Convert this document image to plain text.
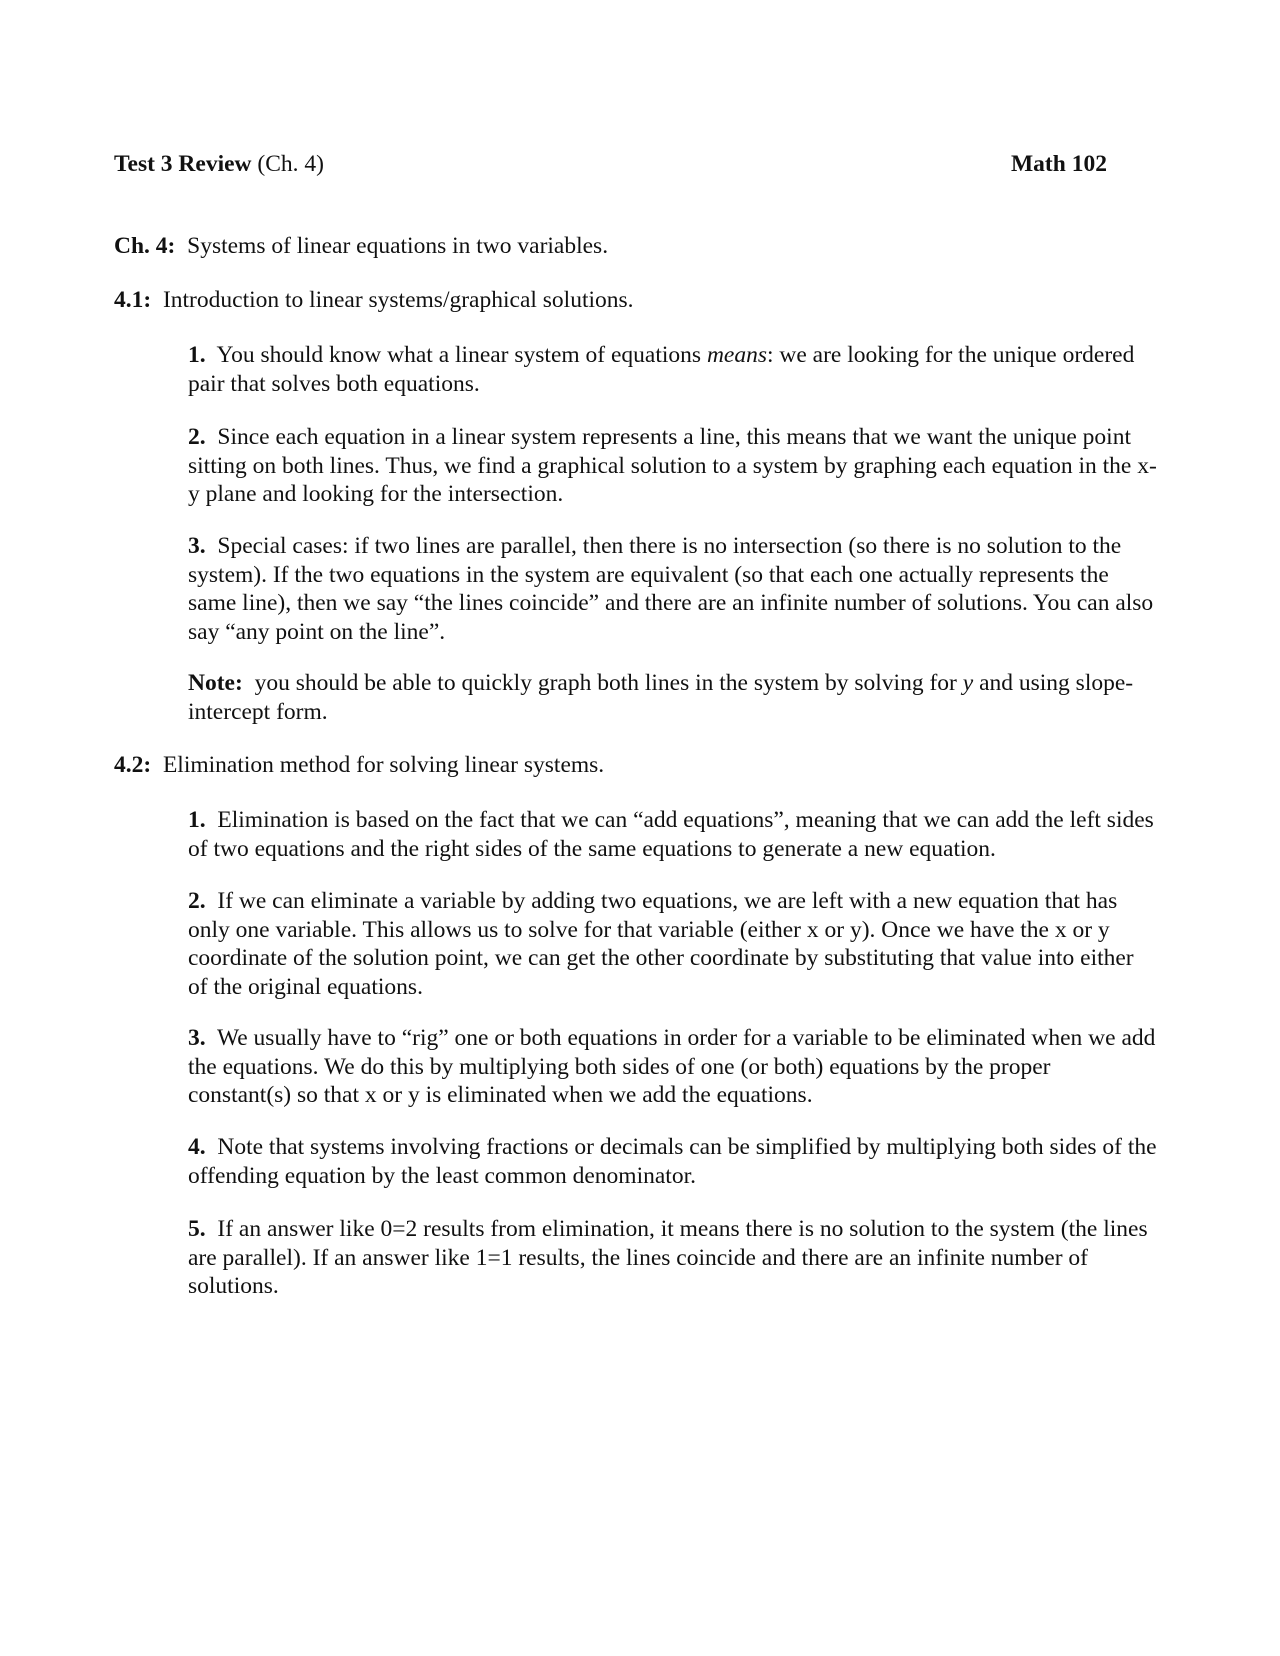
Test 3 Review (Ch. 4)	Math 102
Ch. 4: Systems of linear equations in two variables.
4.1: Introduction to linear systems/graphical solutions.
1. You should know what a linear system of equations means: we are looking for the unique ordered pair that solves both equations.
2. Since each equation in a linear system represents a line, this means that we want the unique point sitting on both lines. Thus, we find a graphical solution to a system by graphing each equation in the x-y plane and looking for the intersection.
3. Special cases: if two lines are parallel, then there is no intersection (so there is no solution to the system). If the two equations in the system are equivalent (so that each one actually represents the same line), then we say “the lines coincide” and there are an infinite number of solutions. You can also say “any point on the line”.
Note: you should be able to quickly graph both lines in the system by solving for y and using slope-intercept form.
4.2: Elimination method for solving linear systems.
1. Elimination is based on the fact that we can “add equations”, meaning that we can add the left sides of two equations and the right sides of the same equations to generate a new equation.
2. If we can eliminate a variable by adding two equations, we are left with a new equation that has only one variable. This allows us to solve for that variable (either x or y). Once we have the x or y coordinate of the solution point, we can get the other coordinate by substituting that value into either of the original equations.
3. We usually have to “rig” one or both equations in order for a variable to be eliminated when we add the equations. We do this by multiplying both sides of one (or both) equations by the proper constant(s) so that x or y is eliminated when we add the equations.
4. Note that systems involving fractions or decimals can be simplified by multiplying both sides of the offending equation by the least common denominator.
5. If an answer like 0=2 results from elimination, it means there is no solution to the system (the lines are parallel). If an answer like 1=1 results, the lines coincide and there are an infinite number of solutions.
